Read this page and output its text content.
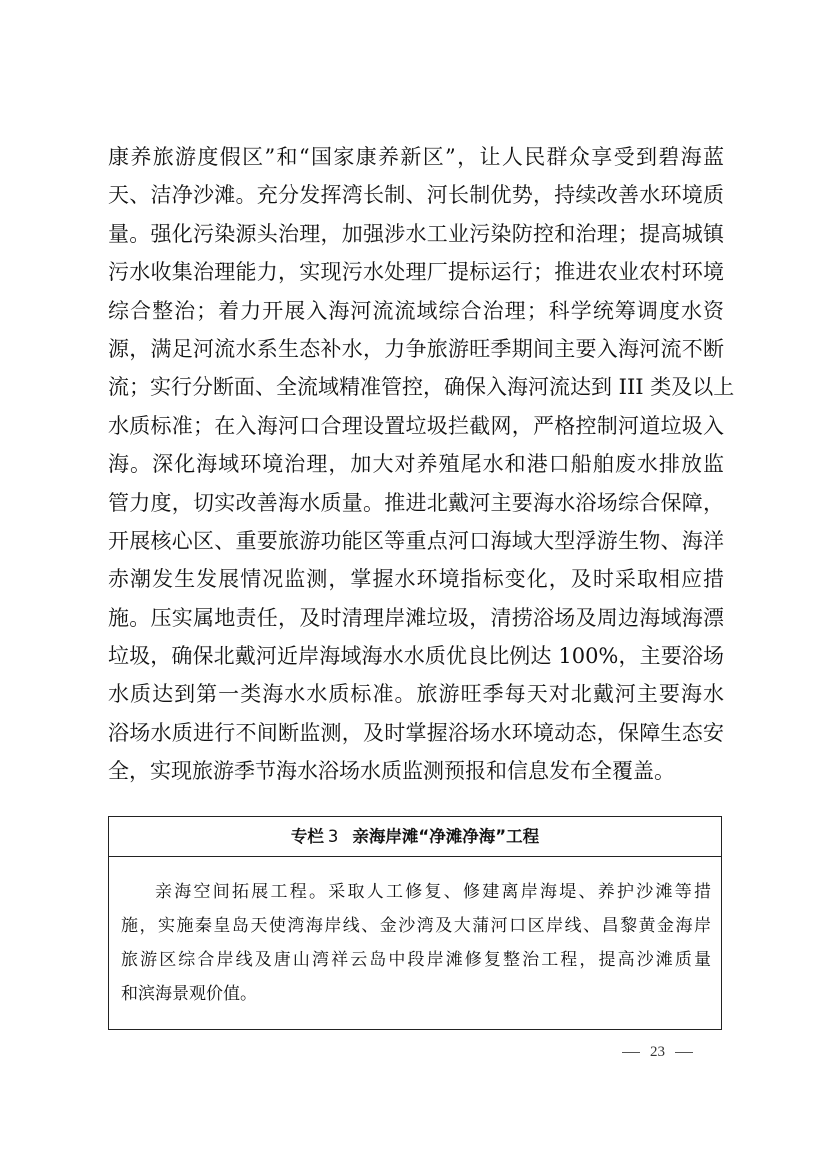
康养旅游度假区”和“国家康养新区”，让人民群众享受到碧海蓝
天、洁净沙滩。充分发挥湾长制、河长制优势，持续改善水环境质
量。强化污染源头治理，加强涉水工业污染防控和治理；提高城镇
污水收集治理能力，实现污水处理厂提标运行；推进农业农村环境
综合整治；着力开展入海河流流域综合治理；科学统筹调度水资
源，满足河流水系生态补水，力争旅游旺季期间主要入海河流不断
流；实行分断面、全流域精准管控，确保入海河流达到 III 类及以上
水质标准；在入海河口合理设置垃圾拦截网，严格控制河道垃圾入
海。深化海域环境治理，加大对养殖尾水和港口船舶废水排放监
管力度，切实改善海水质量。推进北戴河主要海水浴场综合保障，
开展核心区、重要旅游功能区等重点河口海域大型浮游生物、海洋
赤潮发生发展情况监测，掌握水环境指标变化，及时采取相应措
施。压实属地责任，及时清理岸滩垃圾，清捞浴场及周边海域海漂
垃圾，确保北戴河近岸海域海水水质优良比例达 100%，主要浴场
水质达到第一类海水水质标准。旅游旺季每天对北戴河主要海水
浴场水质进行不间断监测，及时掌握浴场水环境动态，保障生态安
全，实现旅游季节海水浴场水质监测预报和信息发布全覆盖。
专栏 3 亲海岸滩“净滩净海”工程
亲海空间拓展工程。采取人工修复、修建离岸海堤、养护沙滩等措
施，实施秦皇岛天使湾海岸线、金沙湾及大蒲河口区岸线、昌黎黄金海岸
旅游区综合岸线及唐山湾祥云岛中段岸滩修复整治工程，提高沙滩质量
和滨海景观价值。
23
